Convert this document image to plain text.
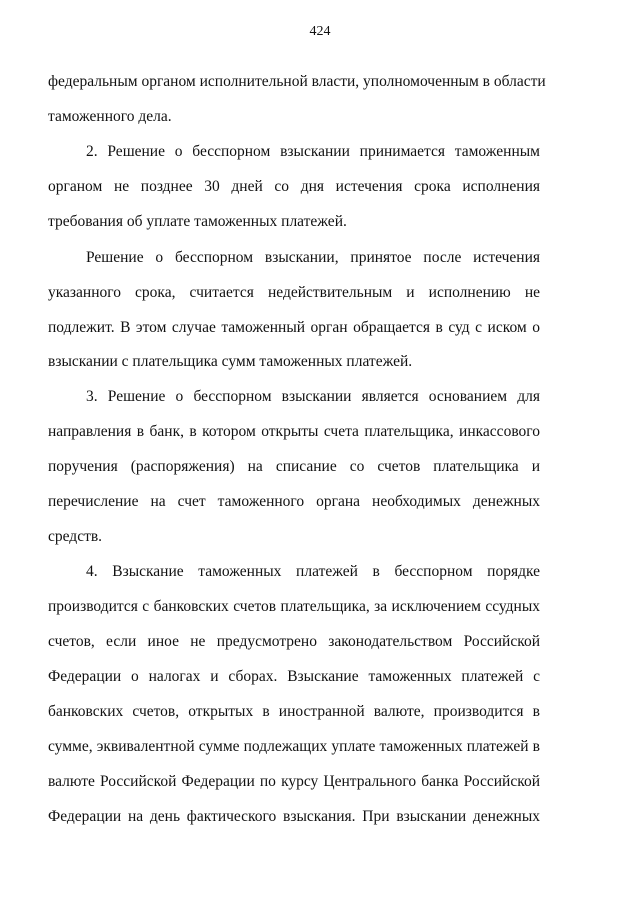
424
федеральным органом исполнительной власти, уполномоченным в области
таможенного дела.
2. Решение о бесспорном взыскании принимается таможенным
органом не позднее 30 дней со дня истечения срока исполнения
требования об уплате таможенных платежей.
Решение о бесспорном взыскании, принятое после истечения
указанного срока, считается недействительным и исполнению не
подлежит. В этом случае таможенный орган обращается в суд с иском о
взыскании с плательщика сумм таможенных платежей.
3. Решение о бесспорном взыскании является основанием для
направления в банк, в котором открыты счета плательщика, инкассового
поручения (распоряжения) на списание со счетов плательщика и
перечисление на счет таможенного органа необходимых денежных
средств.
4. Взыскание таможенных платежей в бесспорном порядке
производится с банковских счетов плательщика, за исключением ссудных
счетов, если иное не предусмотрено законодательством Российской
Федерации о налогах и сборах. Взыскание таможенных платежей с
банковских счетов, открытых в иностранной валюте, производится в
сумме, эквивалентной сумме подлежащих уплате таможенных платежей в
валюте Российской Федерации по курсу Центрального банка Российской
Федерации на день фактического взыскания. При взыскании денежных
